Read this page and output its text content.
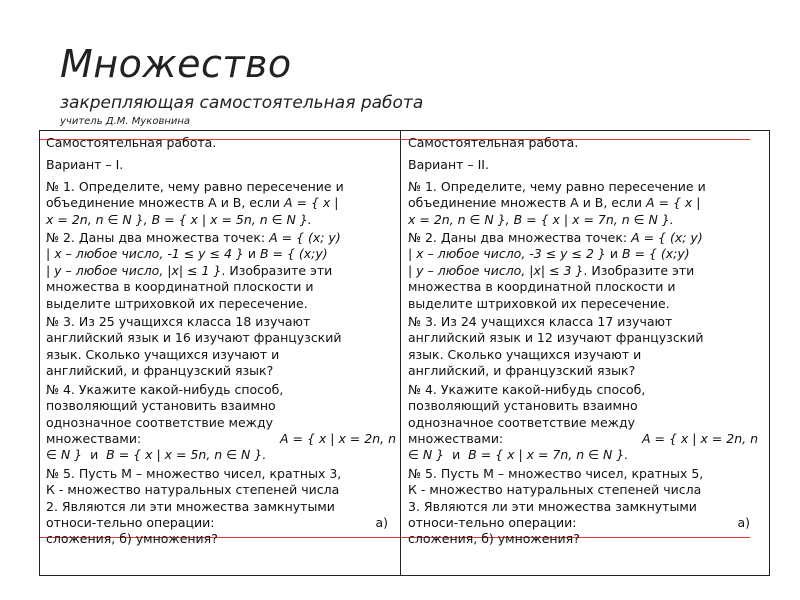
Множество
закрепляющая самостоятельная работа
учитель Д.М. Муковнина

Самостоятельная работа.

Вариант – I.

№ 1. Определите, чему равно пересечение и
объединение множеств А и В, если A = { x |
x = 2n, n ∈ N }, B = { x | x = 5n, n ∈ N }.

№ 2. Даны два множества точек: A = { (x; y)
| x – любое число, -1 ≤ y ≤ 4 } и B = { (x;y)
| y – любое число, |x| ≤ 1 }. Изобразите эти
множества в координатной плоскости и
выделите штриховкой их пересечение.

№ 3. Из 25 учащихся класса 18 изучают
английский язык и 16 изучают французский
язык. Сколько учащихся изучают и
английский, и французский язык?

№ 4. Укажите какой-нибудь способ,
позволяющий установить взаимно
однозначное соответствие между
множествами:	A = { x | x = 2n, n
∈ N }  и  B = { x | x = 5n, n ∈ N }.

№ 5. Пусть М – множество чисел, кратных 3,
К - множество натуральных степеней числа
2. Являются ли эти множества замкнутыми
относи-тельно операции:	а)
сложения, б) умножения?

Самостоятельная работа.

Вариант – II.

№ 1. Определите, чему равно пересечение и
объединение множеств А и В, если A = { x |
x = 2n, n ∈ N }, B = { x | x = 7n, n ∈ N }.

№ 2. Даны два множества точек: A = { (x; y)
| x – любое число, -3 ≤ y ≤ 2 } и B = { (x;y)
| y – любое число, |x| ≤ 3 }. Изобразите эти
множества в координатной плоскости и
выделите штриховкой их пересечение.

№ 3. Из 24 учащихся класса 17 изучают
английский язык и 12 изучают французский
язык. Сколько учащихся изучают и
английский, и французский язык?

№ 4. Укажите какой-нибудь способ,
позволяющий установить взаимно
однозначное соответствие между
множествами:	A = { x | x = 2n, n
∈ N }  и  B = { x | x = 7n, n ∈ N }.

№ 5. Пусть М – множество чисел, кратных 5,
К - множество натуральных степеней числа
3. Являются ли эти множества замкнутыми
относи-тельно операции:	а)
сложения, б) умножения?
